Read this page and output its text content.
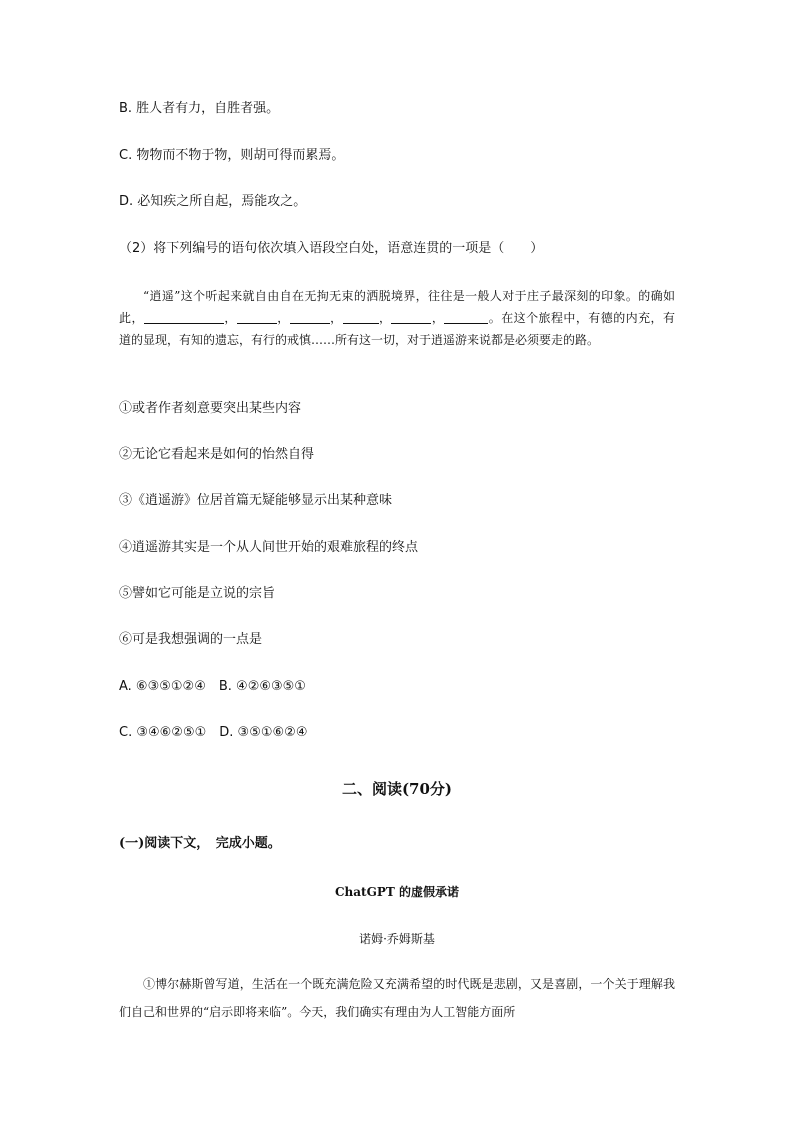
B. 胜人者有力，自胜者强。
C. 物物而不物于物，则胡可得而累焉。
D. 必知疾之所自起，焉能攻之。
（2）将下列编号的语句依次填入语段空白处，语意连贯的一项是（　　）
“逍遥”这个听起来就自由自在无拘无束的洒脱境界，往往是一般人对于庄子最深刻的印象。的确如此，	，	，	，	，	，	。在这个旅程中，有德的内充，有道的显现，有知的遗忘，有行的戒慎……所有这一切，对于逍遥游来说都是必须要走的路。
①或者作者刻意要突出某些内容
②无论它看起来是如何的怡然自得
③《逍遥游》位居首篇无疑能够显示出某种意味
④逍遥游其实是一个从人间世开始的艰难旅程的终点
⑤譬如它可能是立说的宗旨
⑥可是我想强调的一点是
A. ⑥③⑤①②④　B. ④②⑥③⑤①
C. ③④⑥②⑤①　D. ③⑤①⑥②④
二、阅读(70分)
(一)阅读下文，　完成小题。
ChatGPT 的虚假承诺
诺姆·乔姆斯基
①博尔赫斯曾写道，生活在一个既充满危险又充满希望的时代既是悲剧，又是喜剧，一个关于理解我们自己和世界的“启示即将来临”。今天，我们确实有理由为人工智能方面所
